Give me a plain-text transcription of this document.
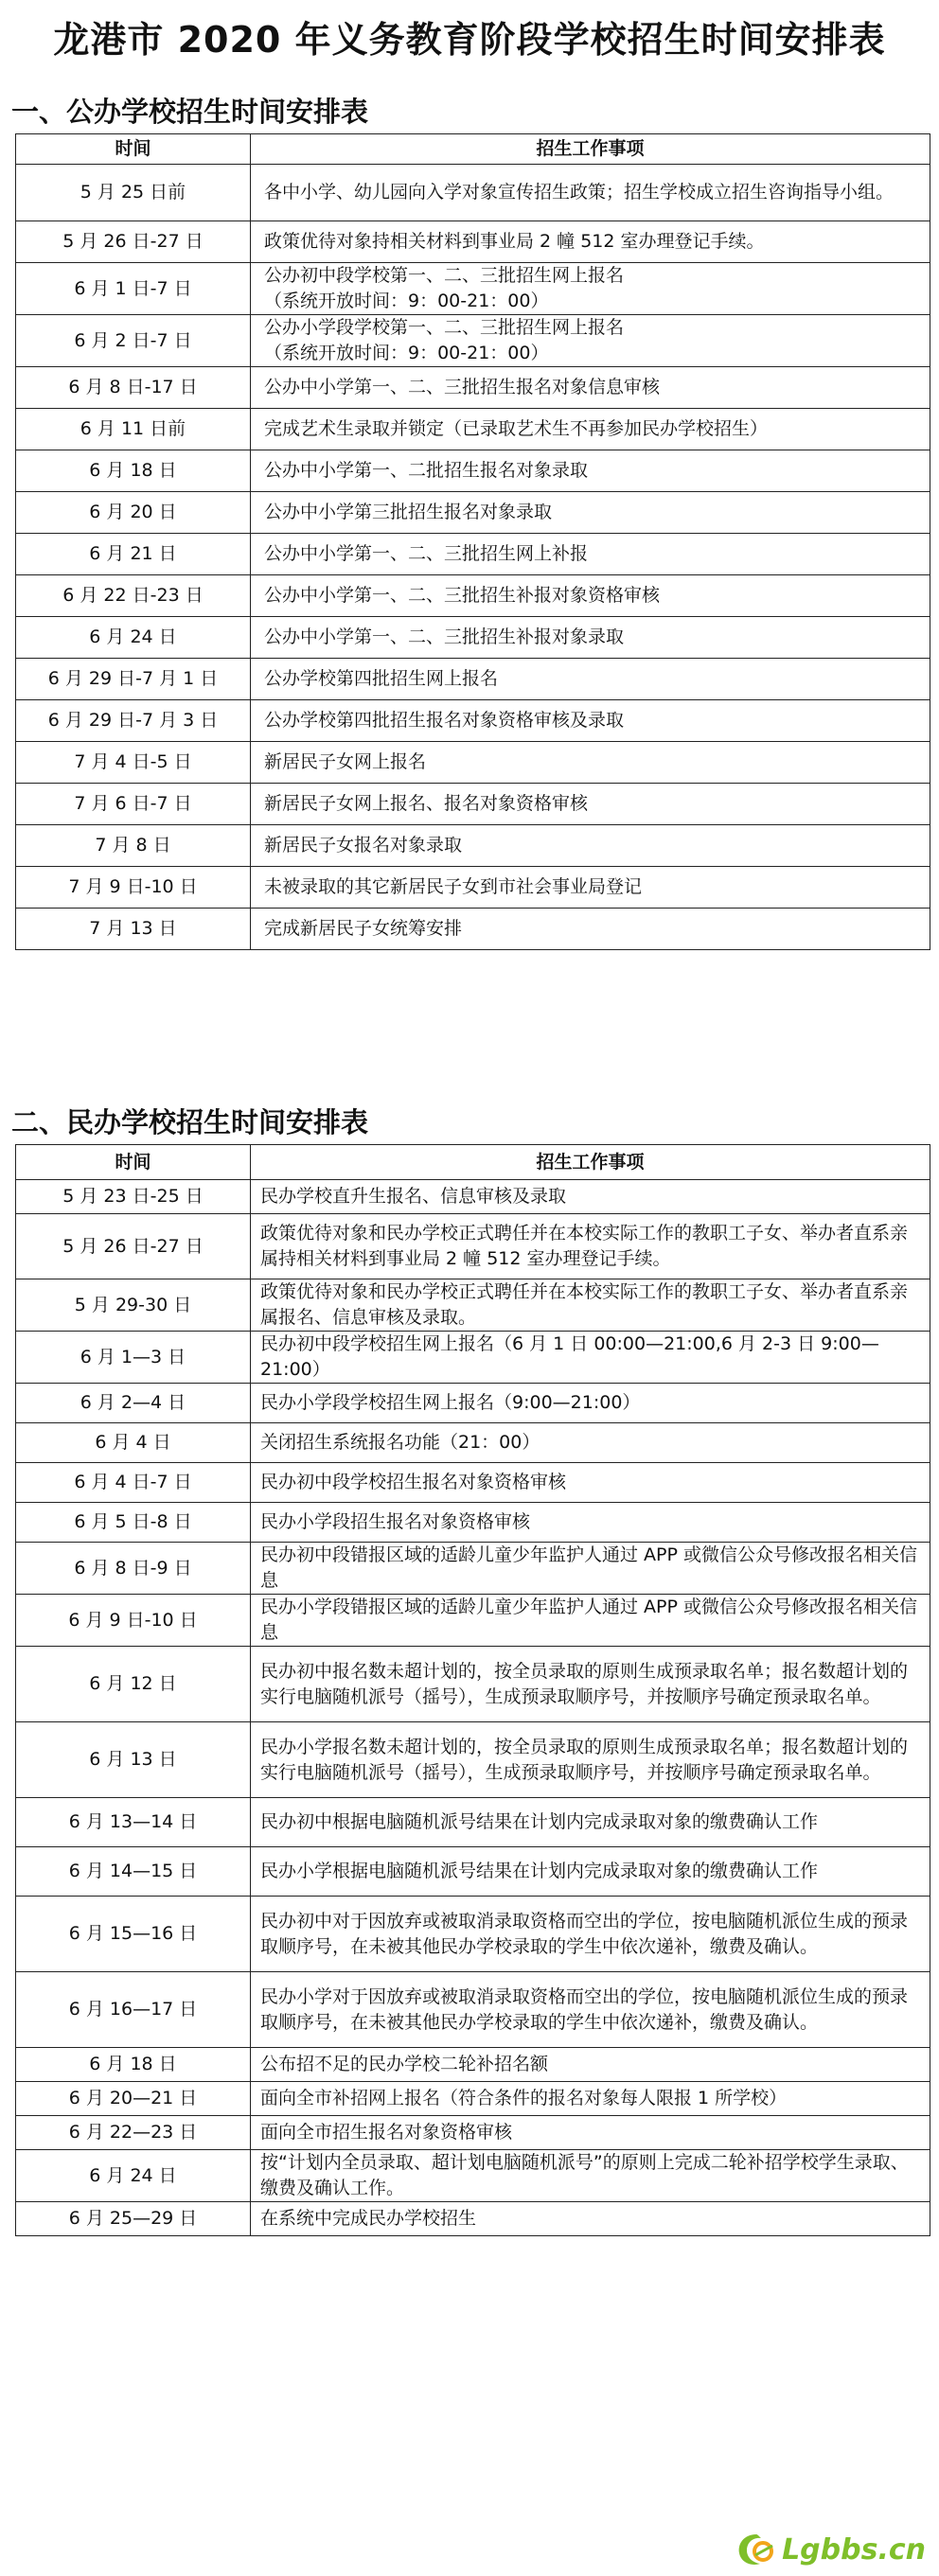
龙港市 2020 年义务教育阶段学校招生时间安排表
一、公办学校招生时间安排表
时间	招生工作事项
5 月 25 日前	各中小学、幼儿园向入学对象宣传招生政策；招生学校成立招生咨询指导小组。
5 月 26 日-27 日	政策优待对象持相关材料到事业局 2 幢 512 室办理登记手续。
6 月 1 日-7 日	公办初中段学校第一、二、三批招生网上报名
（系统开放时间：9：00-21：00）
6 月 2 日-7 日	公办小学段学校第一、二、三批招生网上报名
（系统开放时间：9：00-21：00）
6 月 8 日-17 日	公办中小学第一、二、三批招生报名对象信息审核
6 月 11 日前	完成艺术生录取并锁定（已录取艺术生不再参加民办学校招生）
6 月 18 日	公办中小学第一、二批招生报名对象录取
6 月 20 日	公办中小学第三批招生报名对象录取
6 月 21 日	公办中小学第一、二、三批招生网上补报
6 月 22 日-23 日	公办中小学第一、二、三批招生补报对象资格审核
6 月 24 日	公办中小学第一、二、三批招生补报对象录取
6 月 29 日-7 月 1 日	公办学校第四批招生网上报名
6 月 29 日-7 月 3 日	公办学校第四批招生报名对象资格审核及录取
7 月 4 日-5 日	新居民子女网上报名
7 月 6 日-7 日	新居民子女网上报名、报名对象资格审核
7 月 8 日	新居民子女报名对象录取
7 月 9 日-10 日	未被录取的其它新居民子女到市社会事业局登记
7 月 13 日	完成新居民子女统筹安排
二、民办学校招生时间安排表
时间	招生工作事项
5 月 23 日-25 日	民办学校直升生报名、信息审核及录取
5 月 26 日-27 日	政策优待对象和民办学校正式聘任并在本校实际工作的教职工子女、举办者直系亲属持相关材料到事业局 2 幢 512 室办理登记手续。
5 月 29-30 日	政策优待对象和民办学校正式聘任并在本校实际工作的教职工子女、举办者直系亲属报名、信息审核及录取。
6 月 1—3 日	民办初中段学校招生网上报名（6 月 1 日 00:00—21:00,6 月 2-3 日 9:00—21:00）
6 月 2—4 日	民办小学段学校招生网上报名（9:00—21:00）
6 月 4 日	关闭招生系统报名功能（21：00）
6 月 4 日-7 日	民办初中段学校招生报名对象资格审核
6 月 5 日-8 日	民办小学段招生报名对象资格审核
6 月 8 日-9 日	民办初中段错报区域的适龄儿童少年监护人通过 APP 或微信公众号修改报名相关信息
6 月 9 日-10 日	民办小学段错报区域的适龄儿童少年监护人通过 APP 或微信公众号修改报名相关信息
6 月 12 日	民办初中报名数未超计划的，按全员录取的原则生成预录取名单；报名数超计划的实行电脑随机派号（摇号），生成预录取顺序号，并按顺序号确定预录取名单。
6 月 13 日	民办小学报名数未超计划的，按全员录取的原则生成预录取名单；报名数超计划的实行电脑随机派号（摇号），生成预录取顺序号，并按顺序号确定预录取名单。
6 月 13—14 日	民办初中根据电脑随机派号结果在计划内完成录取对象的缴费确认工作
6 月 14—15 日	民办小学根据电脑随机派号结果在计划内完成录取对象的缴费确认工作
6 月 15—16 日	民办初中对于因放弃或被取消录取资格而空出的学位，按电脑随机派位生成的预录取顺序号，在未被其他民办学校录取的学生中依次递补，缴费及确认。
6 月 16—17 日	民办小学对于因放弃或被取消录取资格而空出的学位，按电脑随机派位生成的预录取顺序号，在未被其他民办学校录取的学生中依次递补，缴费及确认。
6 月 18 日	公布招不足的民办学校二轮补招名额
6 月 20—21 日	面向全市补招网上报名（符合条件的报名对象每人限报 1 所学校）
6 月 22—23 日	面向全市招生报名对象资格审核
6 月 24 日	按“计划内全员录取、超计划电脑随机派号”的原则上完成二轮补招学校学生录取、缴费及确认工作。
6 月 25—29 日	在系统中完成民办学校招生
Lgbbs.cn
